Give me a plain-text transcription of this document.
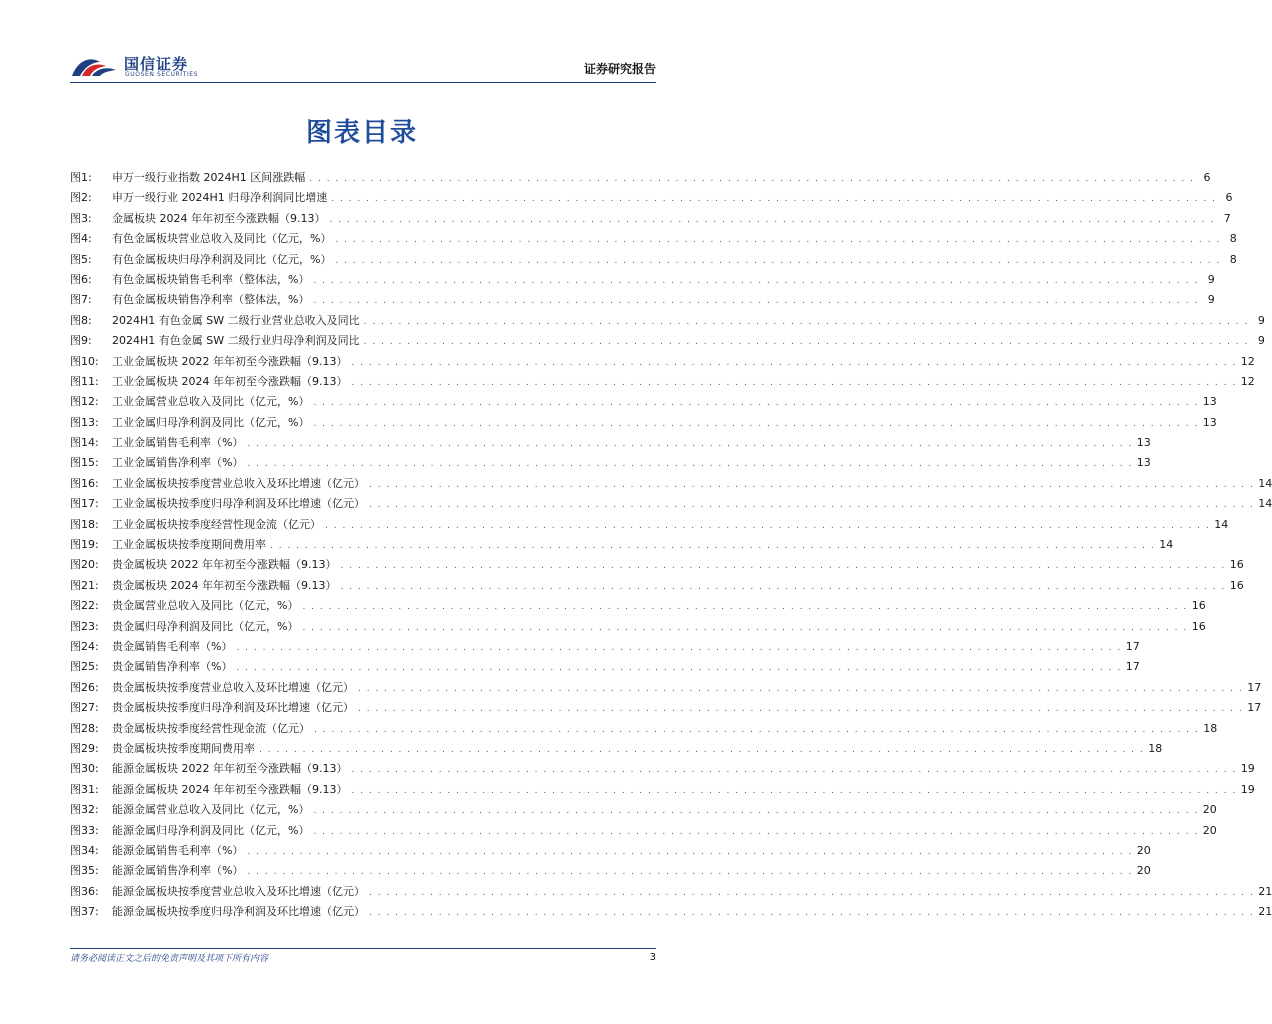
国信证券
GUOSEN SECURITIES	证券研究报告
图表目录
图1:	申万一级行业指数 2024H1 区间涨跌幅 . . .	6
图2:	申万一级行业 2024H1 归母净利润同比增速 . . .	6
图3:	金属板块 2024 年年初至今涨跌幅（9.13） . . .	7
图4:	有色金属板块营业总收入及同比（亿元，%） . . .	8
图5:	有色金属板块归母净利润及同比（亿元，%） . . .	8
图6:	有色金属板块销售毛利率（整体法，%） . . .	9
图7:	有色金属板块销售净利率（整体法，%） . . .	9
图8:	2024H1 有色金属 SW 二级行业营业总收入及同比 . . .	9
图9:	2024H1 有色金属 SW 二级行业归母净利润及同比 . . .	9
图10:	工业金属板块 2022 年年初至今涨跌幅（9.13） . . .	12
图11:	工业金属板块 2024 年年初至今涨跌幅（9.13） . . .	12
图12:	工业金属营业总收入及同比（亿元，%） . . .	13
图13:	工业金属归母净利润及同比（亿元，%） . . .	13
图14:	工业金属销售毛利率（%） . . .	13
图15:	工业金属销售净利率（%） . . .	13
图16:	工业金属板块按季度营业总收入及环比增速（亿元） . . .	14
图17:	工业金属板块按季度归母净利润及环比增速（亿元） . . .	14
图18:	工业金属板块按季度经营性现金流（亿元） . . .	14
图19:	工业金属板块按季度期间费用率 . . .	14
图20:	贵金属板块 2022 年年初至今涨跌幅（9.13） . . .	16
图21:	贵金属板块 2024 年年初至今涨跌幅（9.13） . . .	16
图22:	贵金属营业总收入及同比（亿元，%） . . .	16
图23:	贵金属归母净利润及同比（亿元，%） . . .	16
图24:	贵金属销售毛利率（%） . . .	17
图25:	贵金属销售净利率（%） . . .	17
图26:	贵金属板块按季度营业总收入及环比增速（亿元） . . .	17
图27:	贵金属板块按季度归母净利润及环比增速（亿元） . . .	17
图28:	贵金属板块按季度经营性现金流（亿元） . . .	18
图29:	贵金属板块按季度期间费用率 . . .	18
图30:	能源金属板块 2022 年年初至今涨跌幅（9.13） . . .	19
图31:	能源金属板块 2024 年年初至今涨跌幅（9.13） . . .	19
图32:	能源金属营业总收入及同比（亿元，%） . . .	20
图33:	能源金属归母净利润及同比（亿元，%） . . .	20
图34:	能源金属销售毛利率（%） . . .	20
图35:	能源金属销售净利率（%） . . .	20
图36:	能源金属板块按季度营业总收入及环比增速（亿元） . . .	21
图37:	能源金属板块按季度归母净利润及环比增速（亿元） . . .	21
请务必阅读正文之后的免责声明及其项下所有内容	3
